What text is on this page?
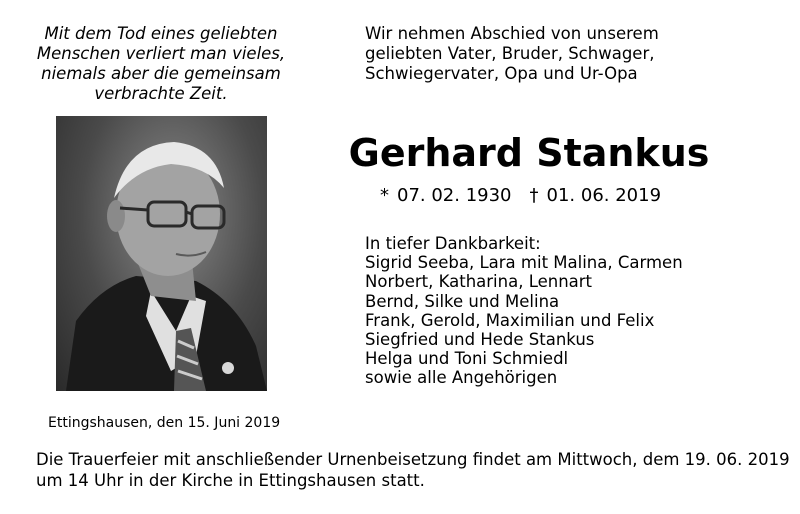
Mit dem Tod eines geliebten
Menschen verliert man vieles,
niemals aber die gemeinsam
verbrachte Zeit.
Wir nehmen Abschied von unserem
geliebten Vater, Bruder, Schwager,
Schwiegervater, Opa und Ur-Opa
Gerhard Stankus
* 07. 02. 1930 † 01. 06. 2019
In tiefer Dankbarkeit:
Sigrid Seeba, Lara mit Malina, Carmen
Norbert, Katharina, Lennart
Bernd, Silke und Melina
Frank, Gerold, Maximilian und Felix
Siegfried und Hede Stankus
Helga und Toni Schmiedl
sowie alle Angehörigen
Ettingshausen, den 15. Juni 2019
Die Trauerfeier mit anschließender Urnenbeisetzung findet am Mittwoch, dem 19. 06. 2019
um 14 Uhr in der Kirche in Ettingshausen statt.
